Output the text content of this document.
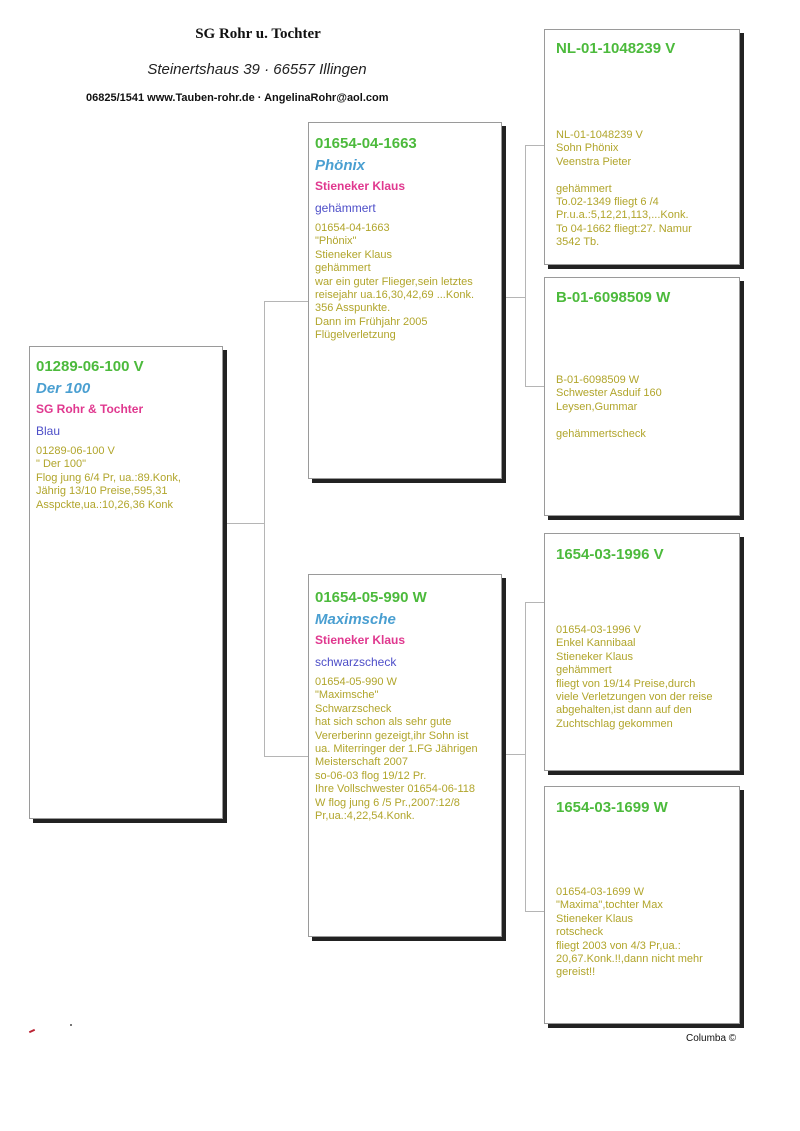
SG Rohr u. Tochter
Steinertshaus 39 · 66557 Illingen
06825/1541 www.Tauben-rohr.de · AngelinaRohr@aol.com
01289-06-100 V
Der 100
SG Rohr & Tochter
Blau
01289-06-100 V
" Der 100"
Flog jung 6/4 Pr, ua.:89.Konk,
Jährig 13/10 Preise,595,31
Asspckte,ua.:10,26,36 Konk
01654-04-1663
Phönix
Stieneker Klaus
gehämmert
01654-04-1663
"Phönix"
Stieneker Klaus
gehämmert
war ein guter Flieger,sein letztes
reisejahr ua.16,30,42,69 ...Konk.
356 Asspunkte.
Dann im Frühjahr 2005
Flügelverletzung
01654-05-990 W
Maximsche
Stieneker Klaus
schwarzscheck
01654-05-990 W
"Maximsche"
Schwarzscheck
hat sich schon als sehr gute
Vererberinn gezeigt,ihr Sohn ist
ua. Miterringer der 1.FG Jährigen
Meisterschaft 2007
so-06-03 flog 19/12 Pr.
Ihre Vollschwester 01654-06-118
W flog jung 6 /5 Pr.,2007:12/8
Pr,ua.:4,22,54.Konk.
NL-01-1048239 V
NL-01-1048239 V
Sohn Phönix
Veenstra Pieter
gehämmert
To.02-1349 fliegt 6 /4
Pr.u.a.:5,12,21,113,...Konk.
To 04-1662 fliegt:27. Namur
3542 Tb.
B-01-6098509 W
B-01-6098509 W
Schwester Asduif 160
Leysen,Gummar
gehämmertscheck
1654-03-1996 V
01654-03-1996 V
Enkel Kannibaal
Stieneker Klaus
gehämmert
fliegt von 19/14 Preise,durch
viele Verletzungen von der reise
abgehalten,ist dann auf den
Zuchtschlag gekommen
1654-03-1699 W
01654-03-1699 W
"Maxima",tochter Max
Stieneker Klaus
rotscheck
fliegt 2003 von 4/3 Pr,ua.:
20,67.Konk.!!,dann nicht mehr
gereist!!
Columba ©
